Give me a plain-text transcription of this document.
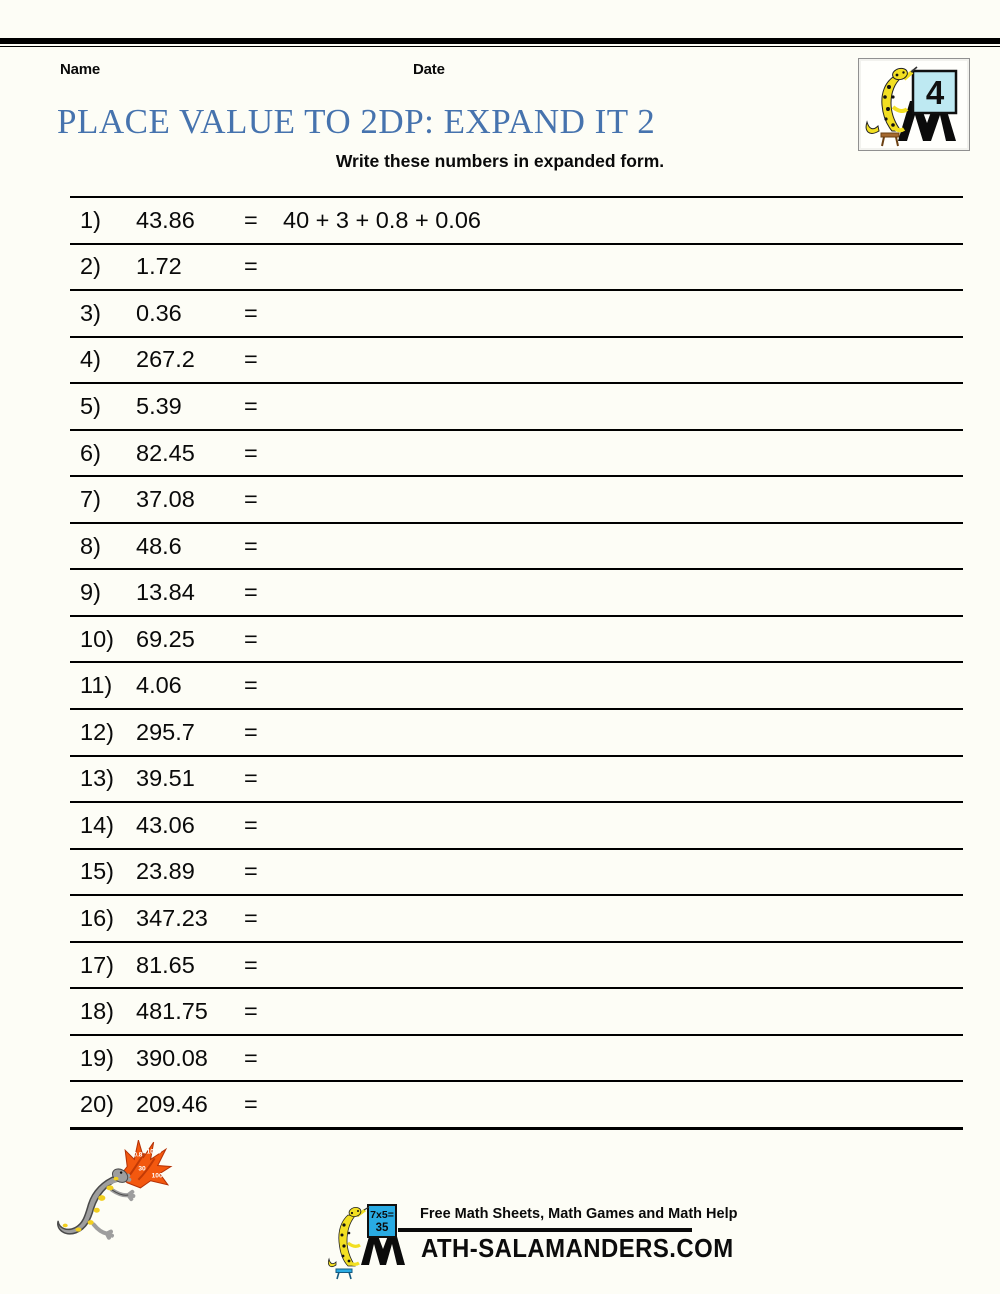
Name	Date
4
PLACE VALUE TO 2DP: EXPAND IT 2
Write these numbers in expanded form.
1)	43.86	=	40 + 3 + 0.8 + 0.06
2)	1.72	=
3)	0.36	=
4)	267.2	=
5)	5.39	=
6)	82.45	=
7)	37.08	=
8)	48.6	=
9)	13.84	=
10) 69.25	=
11)	4.06	=
12) 295.7	=
13) 39.51	=
14) 43.06	=
15) 23.89	=
16) 347.23	=
17) 81.65	=
18) 481.75	=
19) 390.08	=
20) 209.46	=
0.8 1000
30
100
7x5=
35
Free Math Sheets, Math Games and Math Help
ATH-SALAMANDERS.COM
